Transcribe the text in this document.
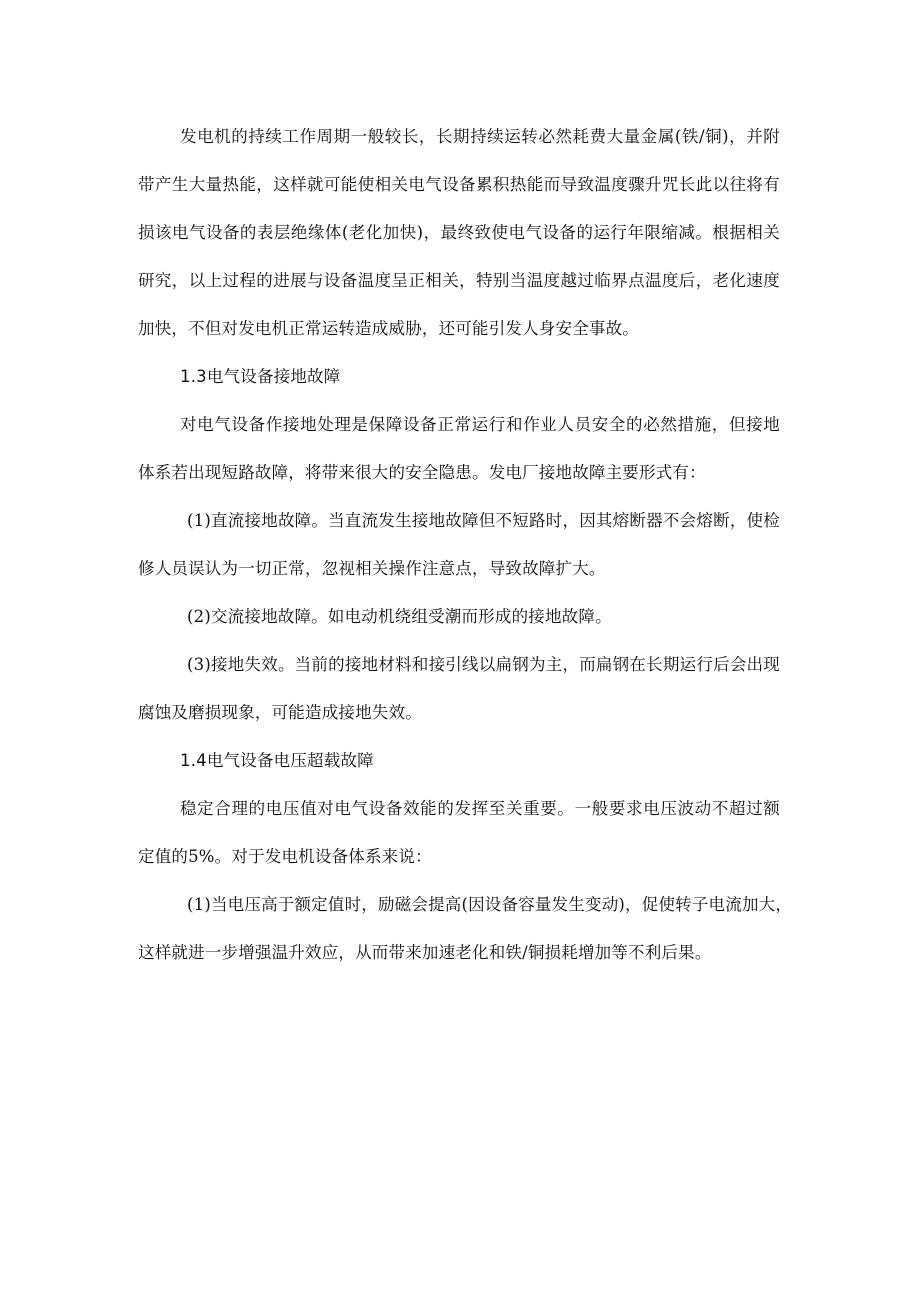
发电机的持续工作周期一般较长，长期持续运转必然耗费大量金属(铁/铜)，并附
带产生大量热能，这样就可能使相关电气设备累积热能而导致温度骤升咒长此以往将有
损该电气设备的表层绝缘体(老化加快)，最终致使电气设备的运行年限缩减。根据相关
研究，以上过程的进展与设备温度呈正相关，特别当温度越过临界点温度后，老化速度
加快，不但对发电机正常运转造成威胁，还可能引发人身安全事故。
1.3电气设备接地故障
对电气设备作接地处理是保障设备正常运行和作业人员安全的必然措施，但接地
体系若出现短路故障，将带来很大的安全隐患。发电厂接地故障主要形式有：
(1)直流接地故障。当直流发生接地故障但不短路时，因其熔断器不会熔断，使检
修人员误认为一切正常，忽视相关操作注意点，导致故障扩大。
(2)交流接地故障。如电动机绕组受潮而形成的接地故障。
(3)接地失效。当前的接地材料和接引线以扁钢为主，而扁钢在长期运行后会出现
腐蚀及磨损现象，可能造成接地失效。
1.4电气设备电压超载故障
稳定合理的电压值对电气设备效能的发挥至关重要。一般要求电压波动不超过额
定值的5%。对于发电机设备体系来说：
(1)当电压高于额定值时，励磁会提高(因设备容量发生变动)，促使转子电流加大，
这样就进一步增强温升效应，从而带来加速老化和铁/铜损耗增加等不利后果。
